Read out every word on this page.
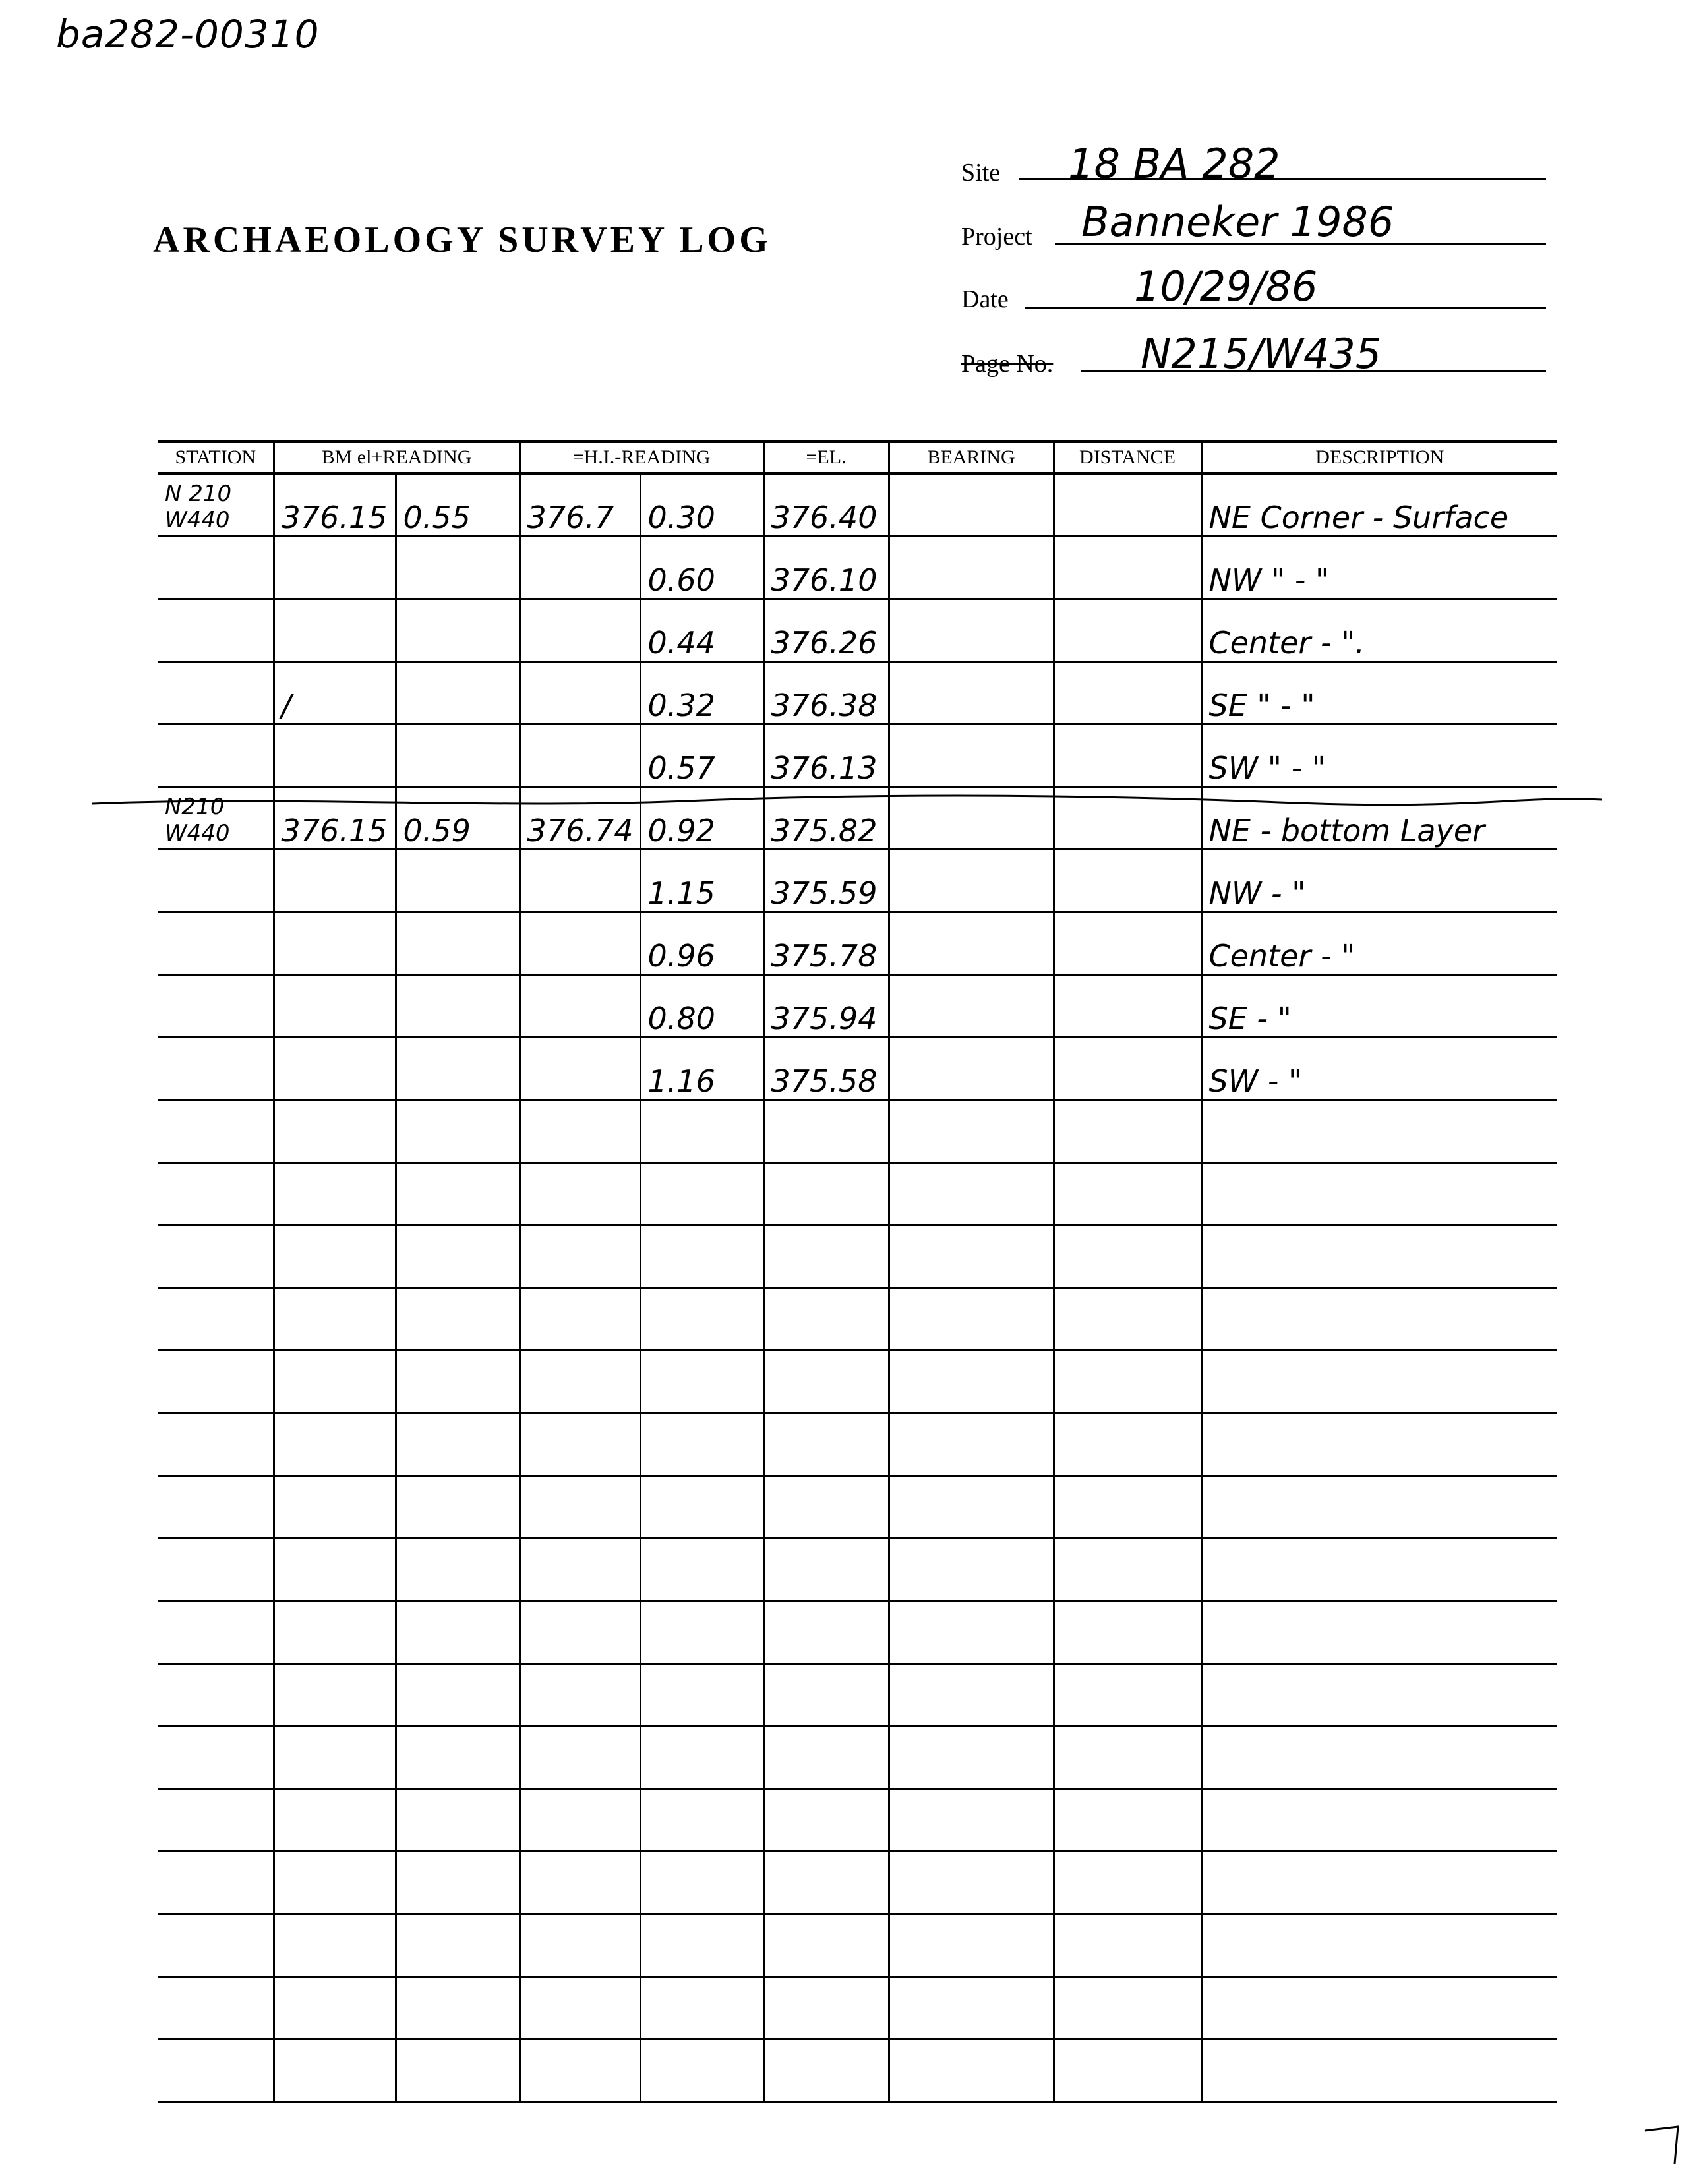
ba282-00310
ARCHAEOLOGY SURVEY LOG
Site 18 BA 282
Project Banneker 1986
Date	10/29/86
Page No. N215/W435
STATION	BM el+READING		=H.I.-READING		=EL.	BEARING	DISTANCE	DESCRIPTION

N 210
W440	376.15	0.55	376.7	0.30	376.40			NE Corner - Surface

				0.60	376.10			NW " - "

				0.44	376.26			Center - ".

	/			0.32	376.38			SE " - "

				0.57	376.13			SW " - "

N210
W440	376.15	0.59	376.74	0.92	375.82			NE - bottom Layer

				1.15	375.59			NW - "

				0.96	375.78			Center - "

				0.80	375.94			SE - "

				1.16	375.58			SW - "
